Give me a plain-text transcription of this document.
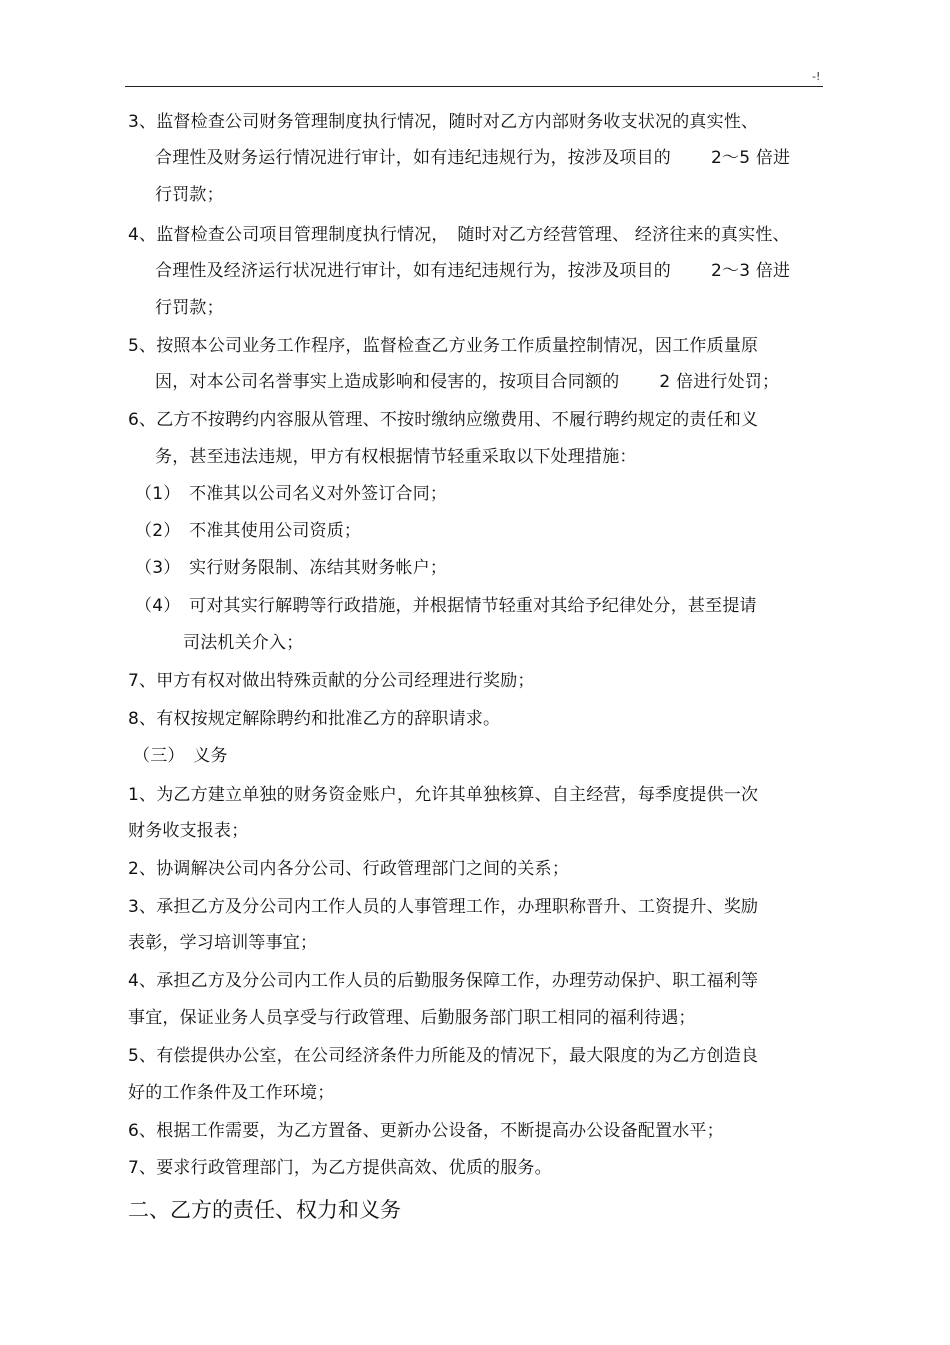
-!
3、监督检查公司财务管理制度执行情况，随时对乙方内部财务收支状况的真实性、
合理性及财务运行情况进行审计，如有违纪违规行为，按涉及项目的　　 2～5 倍进
行罚款；
4、监督检查公司项目管理制度执行情况，　随时对乙方经营管理、 经济往来的真实性、
合理性及经济运行状况进行审计，如有违纪违规行为，按涉及项目的　　 2～3 倍进
行罚款；
5、按照本公司业务工作程序，监督检查乙方业务工作质量控制情况，因工作质量原
因，对本公司名誉事实上造成影响和侵害的，按项目合同额的　　 2 倍进行处罚；
6、乙方不按聘约内容服从管理、不按时缴纳应缴费用、不履行聘约规定的责任和义
务，甚至违法违规，甲方有权根据情节轻重采取以下处理措施：
（1）　不准其以公司名义对外签订合同；
（2）　不准其使用公司资质；
（3）　实行财务限制、冻结其财务帐户；
（4）　可对其实行解聘等行政措施，并根据情节轻重对其给予纪律处分，甚至提请
司法机关介入；
7、甲方有权对做出特殊贡献的分公司经理进行奖励；
8、有权按规定解除聘约和批准乙方的辞职请求。
（三）　义务
1、为乙方建立单独的财务资金账户，允许其单独核算、自主经营，每季度提供一次
财务收支报表；
2、协调解决公司内各分公司、行政管理部门之间的关系；
3、承担乙方及分公司内工作人员的人事管理工作，办理职称晋升、工资提升、奖励
表彰，学习培训等事宜；
4、承担乙方及分公司内工作人员的后勤服务保障工作，办理劳动保护、职工福利等
事宜，保证业务人员享受与行政管理、后勤服务部门职工相同的福利待遇；
5、有偿提供办公室，在公司经济条件力所能及的情况下，最大限度的为乙方创造良
好的工作条件及工作环境；
6、根据工作需要，为乙方置备、更新办公设备，不断提高办公设备配置水平；
7、要求行政管理部门，为乙方提供高效、优质的服务。
二、乙方的责任、权力和义务
